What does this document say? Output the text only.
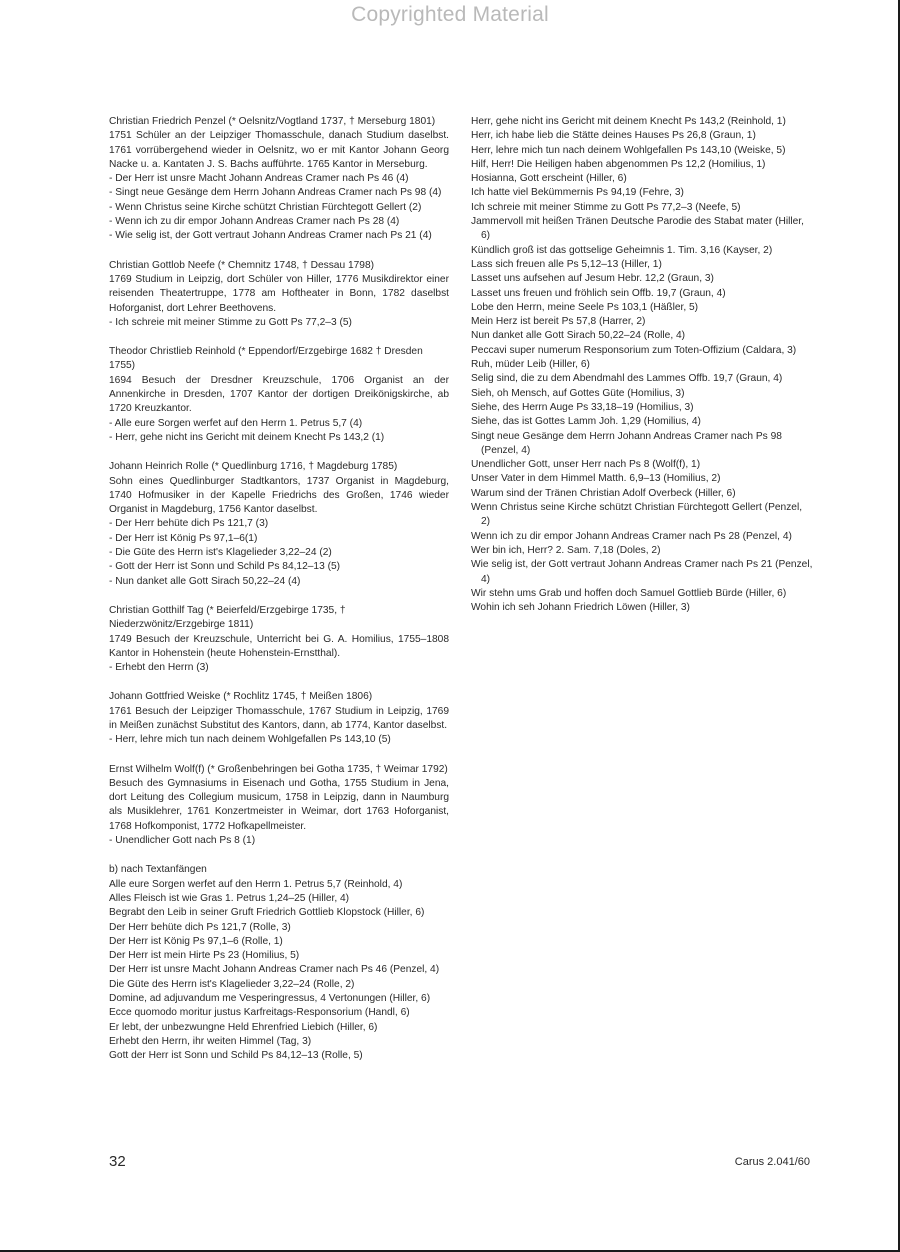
Copyrighted Material

Christian Friedrich Penzel (* Oelsnitz/Vogtland 1737, † Merseburg 1801)

1751 Schüler an der Leipziger Thomasschule, danach Studium daselbst. 1761 vorrübergehend wieder in Oelsnitz, wo er mit Kantor Johann Georg Nacke u. a. Kantaten J. S. Bachs aufführte. 1765 Kantor in Merseburg.

- Der Herr ist unsre Macht Johann Andreas Cramer nach Ps 46 (4)
- Singt neue Gesänge dem Herrn Johann Andreas Cramer nach Ps 98 (4)
- Wenn Christus seine Kirche schützt Christian Fürchtegott Gellert (2)
- Wenn ich zu dir empor Johann Andreas Cramer nach Ps 28 (4)
- Wie selig ist, der Gott vertraut Johann Andreas Cramer nach Ps 21 (4)

Christian Gottlob Neefe (* Chemnitz 1748, † Dessau 1798)

1769 Studium in Leipzig, dort Schüler von Hiller, 1776 Musikdirektor einer reisenden Theatertruppe, 1778 am Hoftheater in Bonn, 1782 daselbst Hoforganist, dort Lehrer Beethovens.

- Ich schreie mit meiner Stimme zu Gott Ps 77,2–3 (5)

Theodor Christlieb Reinhold (* Eppendorf/Erzgebirge 1682 † Dresden 1755)

1694 Besuch der Dresdner Kreuzschule, 1706 Organist an der Annenkirche in Dresden, 1707 Kantor der dortigen Dreikönigskirche, ab 1720 Kreuzkantor.

- Alle eure Sorgen werfet auf den Herrn 1. Petrus 5,7 (4)
- Herr, gehe nicht ins Gericht mit deinem Knecht Ps 143,2 (1)

Johann Heinrich Rolle (* Quedlinburg 1716, † Magdeburg 1785)

Sohn eines Quedlinburger Stadtkantors, 1737 Organist in Magdeburg, 1740 Hofmusiker in der Kapelle Friedrichs des Großen, 1746 wieder Organist in Magdeburg, 1756 Kantor daselbst.

- Der Herr behüte dich Ps 121,7 (3)
- Der Herr ist König Ps 97,1–6(1)
- Die Güte des Herrn ist's Klagelieder 3,22–24 (2)
- Gott der Herr ist Sonn und Schild Ps 84,12–13 (5)
- Nun danket alle Gott Sirach 50,22–24 (4)

Christian Gotthilf Tag (* Beierfeld/Erzgebirge 1735, † Niederzwönitz/Erzgebirge 1811)

1749 Besuch der Kreuzschule, Unterricht bei G. A. Homilius, 1755–1808 Kantor in Hohenstein (heute Hohenstein-Ernstthal).

- Erhebt den Herrn (3)

Johann Gottfried Weiske (* Rochlitz 1745, † Meißen 1806)

1761 Besuch der Leipziger Thomasschule, 1767 Studium in Leipzig, 1769 in Meißen zunächst Substitut des Kantors, dann, ab 1774, Kantor daselbst.

- Herr, lehre mich tun nach deinem Wohlgefallen Ps 143,10 (5)

Ernst Wilhelm Wolf(f) (* Großenbehringen bei Gotha 1735, † Weimar 1792)

Besuch des Gymnasiums in Eisenach und Gotha, 1755 Studium in Jena, dort Leitung des Collegium musicum, 1758 in Leipzig, dann in Naumburg als Musiklehrer, 1761 Konzertmeister in Weimar, dort 1763 Hoforganist, 1768 Hofkomponist, 1772 Hofkapellmeister.

- Unendlicher Gott nach Ps 8 (1)

b) nach Textanfängen

Alle eure Sorgen werfet auf den Herrn 1. Petrus 5,7 (Reinhold, 4)
Alles Fleisch ist wie Gras 1. Petrus 1,24–25 (Hiller, 4)
Begrabt den Leib in seiner Gruft Friedrich Gottlieb Klopstock (Hiller, 6)
Der Herr behüte dich Ps 121,7 (Rolle, 3)
Der Herr ist König Ps 97,1–6 (Rolle, 1)
Der Herr ist mein Hirte Ps 23 (Homilius, 5)
Der Herr ist unsre Macht Johann Andreas Cramer nach Ps 46 (Penzel, 4)
Die Güte des Herrn ist's Klagelieder 3,22–24 (Rolle, 2)
Domine, ad adjuvandum me Vesperingressus, 4 Vertonungen (Hiller, 6)
Ecce quomodo moritur justus Karfreitags-Responsorium (Handl, 6)
Er lebt, der unbezwungne Held Ehrenfried Liebich (Hiller, 6)
Erhebt den Herrn, ihr weiten Himmel (Tag, 3)
Gott der Herr ist Sonn und Schild Ps 84,12–13 (Rolle, 5)
Herr, gehe nicht ins Gericht mit deinem Knecht Ps 143,2 (Reinhold, 1)
Herr, ich habe lieb die Stätte deines Hauses Ps 26,8 (Graun, 1)
Herr, lehre mich tun nach deinem Wohlgefallen Ps 143,10 (Weiske, 5)
Hilf, Herr! Die Heiligen haben abgenommen Ps 12,2 (Homilius, 1)
Hosianna, Gott erscheint (Hiller, 6)
Ich hatte viel Bekümmernis Ps 94,19 (Fehre, 3)
Ich schreie mit meiner Stimme zu Gott Ps 77,2–3 (Neefe, 5)
Jammervoll mit heißen Tränen Deutsche Parodie des Stabat mater (Hiller, 6)
Kündlich groß ist das gottselige Geheimnis 1. Tim. 3,16 (Kayser, 2)
Lass sich freuen alle Ps 5,12–13 (Hiller, 1)
Lasset uns aufsehen auf Jesum Hebr. 12,2 (Graun, 3)
Lasset uns freuen und fröhlich sein Offb. 19,7 (Graun, 4)
Lobe den Herrn, meine Seele Ps 103,1 (Häßler, 5)
Mein Herz ist bereit Ps 57,8 (Harrer, 2)
Nun danket alle Gott Sirach 50,22–24 (Rolle, 4)
Peccavi super numerum Responsorium zum Toten-Offizium (Caldara, 3)
Ruh, müder Leib (Hiller, 6)
Selig sind, die zu dem Abendmahl des Lammes Offb. 19,7 (Graun, 4)
Sieh, oh Mensch, auf Gottes Güte (Homilius, 3)
Siehe, des Herrn Auge Ps 33,18–19 (Homilius, 3)
Siehe, das ist Gottes Lamm Joh. 1,29 (Homilius, 4)
Singt neue Gesänge dem Herrn Johann Andreas Cramer nach Ps 98 (Penzel, 4)
Unendlicher Gott, unser Herr nach Ps 8 (Wolf(f), 1)
Unser Vater in dem Himmel Matth. 6,9–13 (Homilius, 2)
Warum sind der Tränen Christian Adolf Overbeck (Hiller, 6)
Wenn Christus seine Kirche schützt Christian Fürchtegott Gellert (Penzel, 2)
Wenn ich zu dir empor Johann Andreas Cramer nach Ps 28 (Penzel, 4)
Wer bin ich, Herr? 2. Sam. 7,18 (Doles, 2)
Wie selig ist, der Gott vertraut Johann Andreas Cramer nach Ps 21 (Penzel, 4)
Wir stehn ums Grab und hoffen doch Samuel Gottlieb Bürde (Hiller, 6)
Wohin ich seh Johann Friedrich Löwen (Hiller, 3)
32	Carus 2.041/60
